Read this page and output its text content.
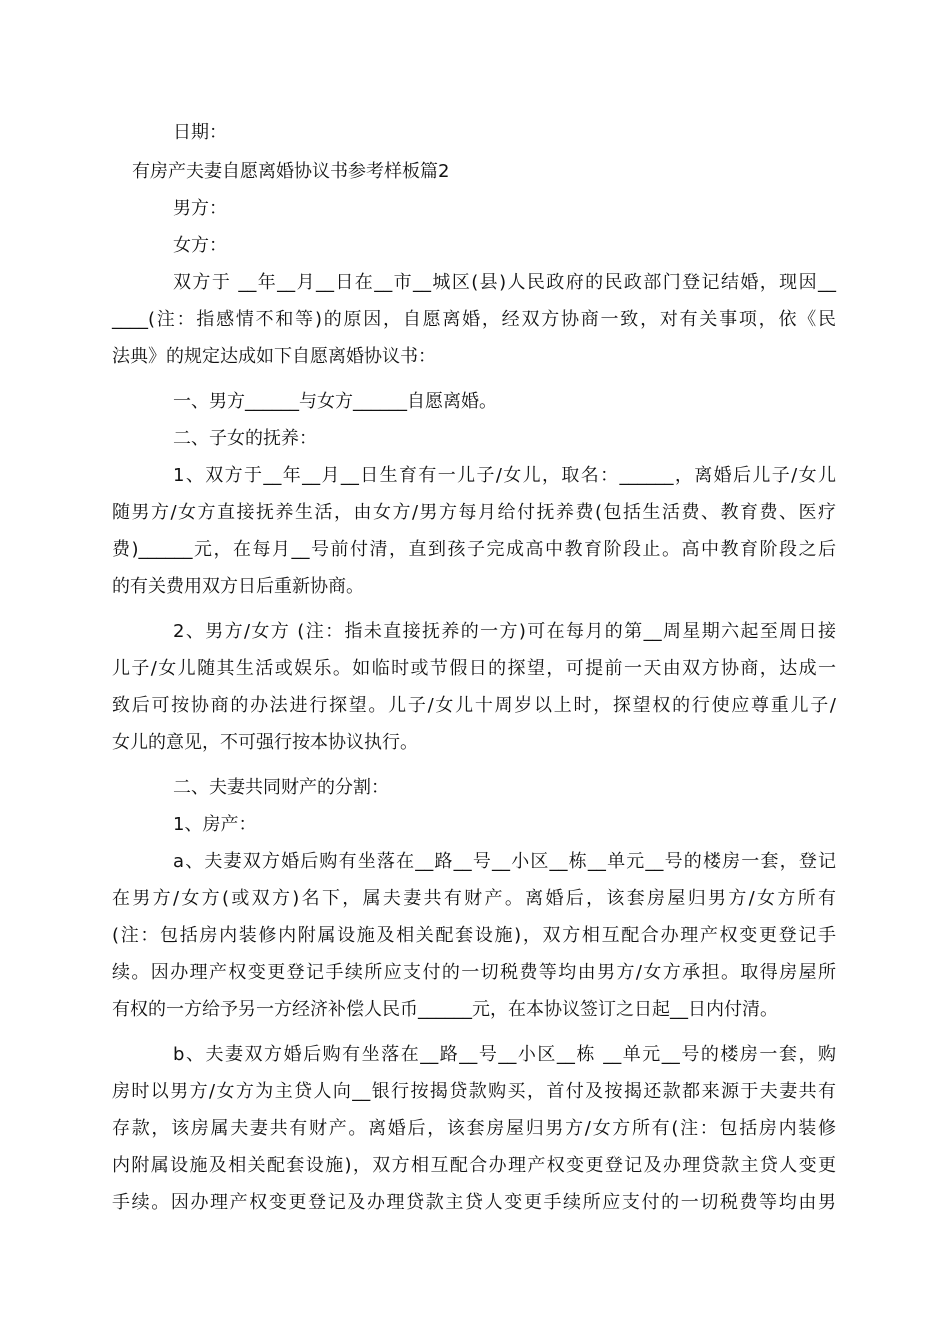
日期：
有房产夫妻自愿离婚协议书参考样板篇2
男方：
女方：
双方于 __年__月__日在__市__城区(县)人民政府的民政部门登记结婚，现因__
____(注：指感情不和等)的原因，自愿离婚，经双方协商一致，对有关事项，依《民
法典》的规定达成如下自愿离婚协议书：
一、男方______与女方______自愿离婚。
二、子女的抚养：
1、双方于__年__月__日生育有一儿子/女儿，取名：______，离婚后儿子/女儿
随男方/女方直接抚养生活，由女方/男方每月给付抚养费(包括生活费、教育费、医疗
费)______元，在每月__号前付清，直到孩子完成高中教育阶段止。高中教育阶段之后
的有关费用双方日后重新协商。
2、男方/女方 (注：指未直接抚养的一方)可在每月的第__周星期六起至周日接
儿子/女儿随其生活或娱乐。如临时或节假日的探望，可提前一天由双方协商，达成一
致后可按协商的办法进行探望。儿子/女儿十周岁以上时，探望权的行使应尊重儿子/
女儿的意见，不可强行按本协议执行。
二、夫妻共同财产的分割：
1、房产：
a、夫妻双方婚后购有坐落在__路__号__小区__栋__单元__号的楼房一套，登记
在男方/女方(或双方)名下，属夫妻共有财产。离婚后，该套房屋归男方/女方所有
(注：包括房内装修内附属设施及相关配套设施)，双方相互配合办理产权变更登记手
续。因办理产权变更登记手续所应支付的一切税费等均由男方/女方承担。取得房屋所
有权的一方给予另一方经济补偿人民币______元，在本协议签订之日起__日内付清。
b、夫妻双方婚后购有坐落在__路__号__小区__栋 __单元__号的楼房一套，购
房时以男方/女方为主贷人向__银行按揭贷款购买，首付及按揭还款都来源于夫妻共有
存款，该房属夫妻共有财产。离婚后，该套房屋归男方/女方所有(注：包括房内装修
内附属设施及相关配套设施)，双方相互配合办理产权变更登记及办理贷款主贷人变更
手续。因办理产权变更登记及办理贷款主贷人变更手续所应支付的一切税费等均由男
